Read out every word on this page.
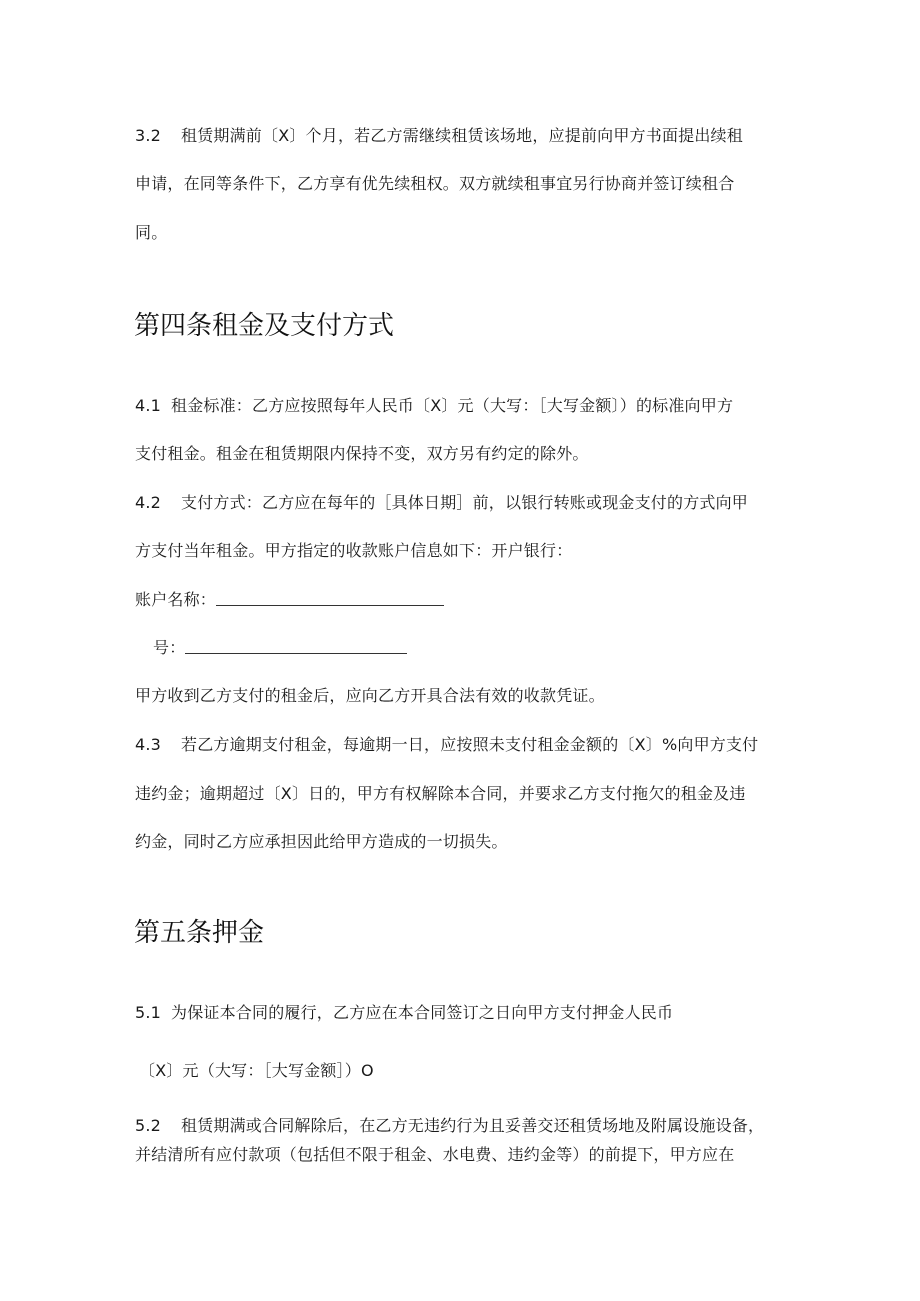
3.2 租赁期满前〔X〕个月，若乙方需继续租赁该场地，应提前向甲方书面提出续租
申请，在同等条件下，乙方享有优先续租权。双方就续租事宜另行协商并签订续租合
同。
第四条租金及支付方式
4.1 租金标准：乙方应按照每年人民币〔X〕元（大写：［大写金额〕）的标准向甲方
支付租金。租金在租赁期限内保持不变，双方另有约定的除外。
4.2 支付方式：乙方应在每年的［具体日期］前，以银行转账或现金支付的方式向甲
方支付当年租金。甲方指定的收款账户信息如下：开户银行：
账户名称：
号：
甲方收到乙方支付的租金后，应向乙方开具合法有效的收款凭证。
4.3 若乙方逾期支付租金，每逾期一日，应按照未支付租金金额的〔X〕%向甲方支付
违约金；逾期超过〔X〕日的，甲方有权解除本合同，并要求乙方支付拖欠的租金及违
约金，同时乙方应承担因此给甲方造成的一切损失。
第五条押金
5.1 为保证本合同的履行，乙方应在本合同签订之日向甲方支付押金人民币
〔X〕元（大写：［大写金额］）O
5.2 租赁期满或合同解除后，在乙方无违约行为且妥善交还租赁场地及附属设施设备，
并结清所有应付款项（包括但不限于租金、水电费、违约金等）的前提下，甲方应在
